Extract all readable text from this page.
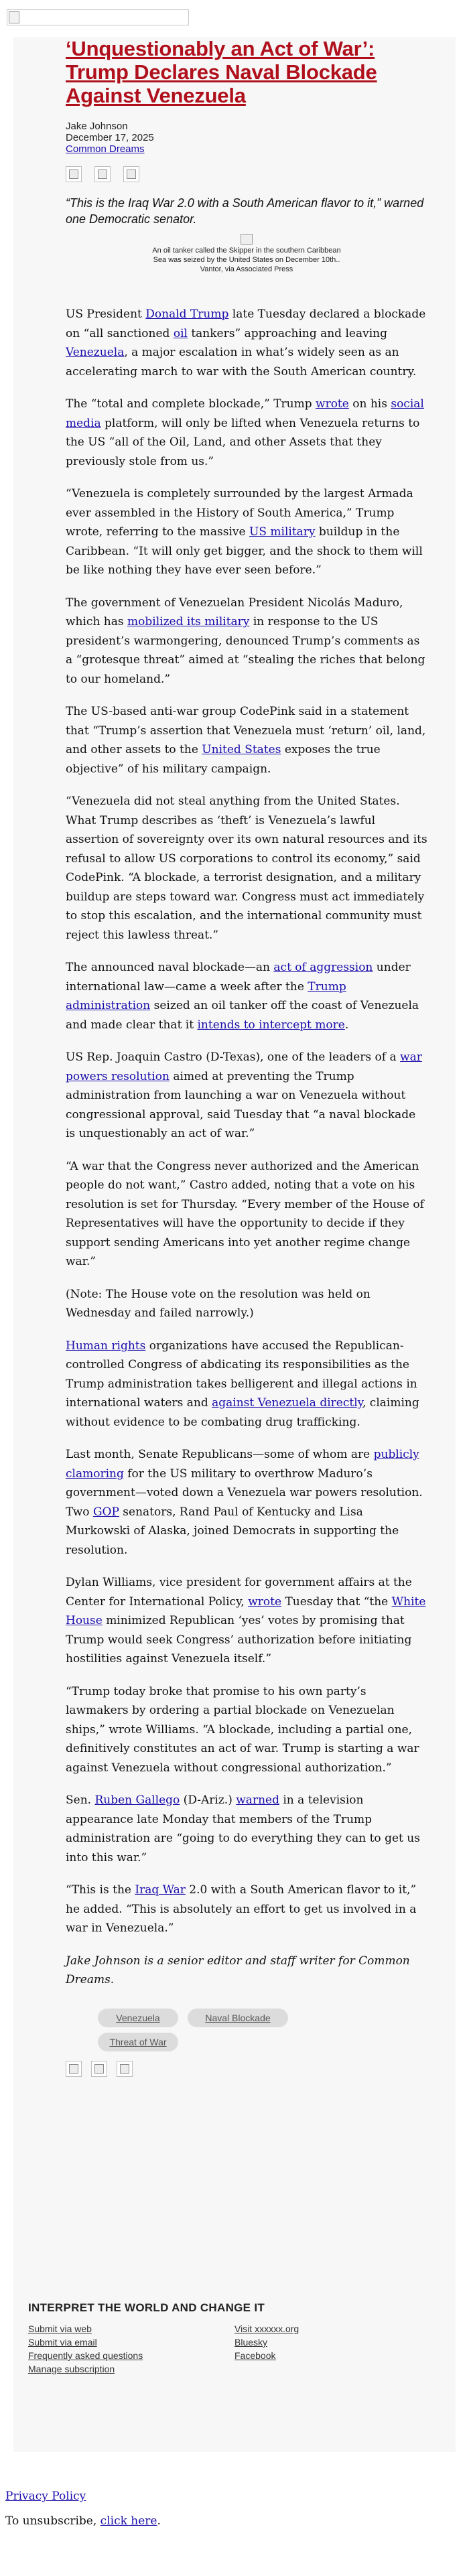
‘Unquestionably an Act of War’: Trump Declares Naval Blockade Against Venezuela
Jake Johnson
December 17, 2025
Common Dreams

“This is the Iraq War 2.0 with a South American flavor to it,” warned one Democratic senator.
An oil tanker called the Skipper in the southern Caribbean Sea was seized by the United States on December 10th.. Vantor, via Associated Press

US President Donald Trump late Tuesday declared a blockade on “all sanctioned oil tankers” approaching and leaving Venezuela, a major escalation in what’s widely seen as an accelerating march to war with the South American country.

The “total and complete blockade,” Trump wrote on his social media platform, will only be lifted when Venezuela returns to the US “all of the Oil, Land, and other Assets that they previously stole from us.”

“Venezuela is completely surrounded by the largest Armada ever assembled in the History of South America,” Trump wrote, referring to the massive US military buildup in the Caribbean. “It will only get bigger, and the shock to them will be like nothing they have ever seen before.”

The government of Venezuelan President Nicolás Maduro, which has mobilized its military in response to the US president’s warmongering, denounced Trump’s comments as a “grotesque threat” aimed at “stealing the riches that belong to our homeland.”

The US-based anti-war group CodePink said in a statement that “Trump’s assertion that Venezuela must ‘return’ oil, land, and other assets to the United States exposes the true objective” of his military campaign.

“Venezuela did not steal anything from the United States. What Trump describes as ‘theft’ is Venezuela’s lawful assertion of sovereignty over its own natural resources and its refusal to allow US corporations to control its economy,” said CodePink. “A blockade, a terrorist designation, and a military buildup are steps toward war. Congress must act immediately to stop this escalation, and the international community must reject this lawless threat.”

The announced naval blockade—an act of aggression under international law—came a week after the Trump administration seized an oil tanker off the coast of Venezuela and made clear that it intends to intercept more.

US Rep. Joaquin Castro (D-Texas), one of the leaders of a war powers resolution aimed at preventing the Trump administration from launching a war on Venezuela without congressional approval, said Tuesday that “a naval blockade is unquestionably an act of war.”

“A war that the Congress never authorized and the American people do not want,” Castro added, noting that a vote on his resolution is set for Thursday. “Every member of the House of Representatives will have the opportunity to decide if they support sending Americans into yet another regime change war.”

(Note: The House vote on the resolution was held on Wednesday and failed narrowly.)

Human rights organizations have accused the Republican-controlled Congress of abdicating its responsibilities as the Trump administration takes belligerent and illegal actions in international waters and against Venezuela directly, claiming without evidence to be combating drug trafficking.

Last month, Senate Republicans—some of whom are publicly clamoring for the US military to overthrow Maduro’s government—voted down a Venezuela war powers resolution. Two GOP senators, Rand Paul of Kentucky and Lisa Murkowski of Alaska, joined Democrats in supporting the resolution.

Dylan Williams, vice president for government affairs at the Center for International Policy, wrote Tuesday that “the White House minimized Republican ‘yes’ votes by promising that Trump would seek Congress’ authorization before initiating hostilities against Venezuela itself.”

“Trump today broke that promise to his own party’s lawmakers by ordering a partial blockade on Venezuelan ships,” wrote Williams. “A blockade, including a partial one, definitively constitutes an act of war. Trump is starting a war against Venezuela without congressional authorization.”

Sen. Ruben Gallego (D-Ariz.) warned in a television appearance late Monday that members of the Trump administration are “going to do everything they can to get us into this war.”

“This is the Iraq War 2.0 with a South American flavor to it,” he added. “This is absolutely an effort to get us involved in a war in Venezuela.”

Jake Johnson is a senior editor and staff writer for Common Dreams.

Venezuela	Naval Blockade
Threat of War
INTERPRET THE WORLD AND CHANGE IT
Submit via web
Submit via email
Frequently asked questions
Manage subscription
Visit xxxxxx.org
Bluesky
Facebook
Privacy Policy
To unsubscribe, click here.
